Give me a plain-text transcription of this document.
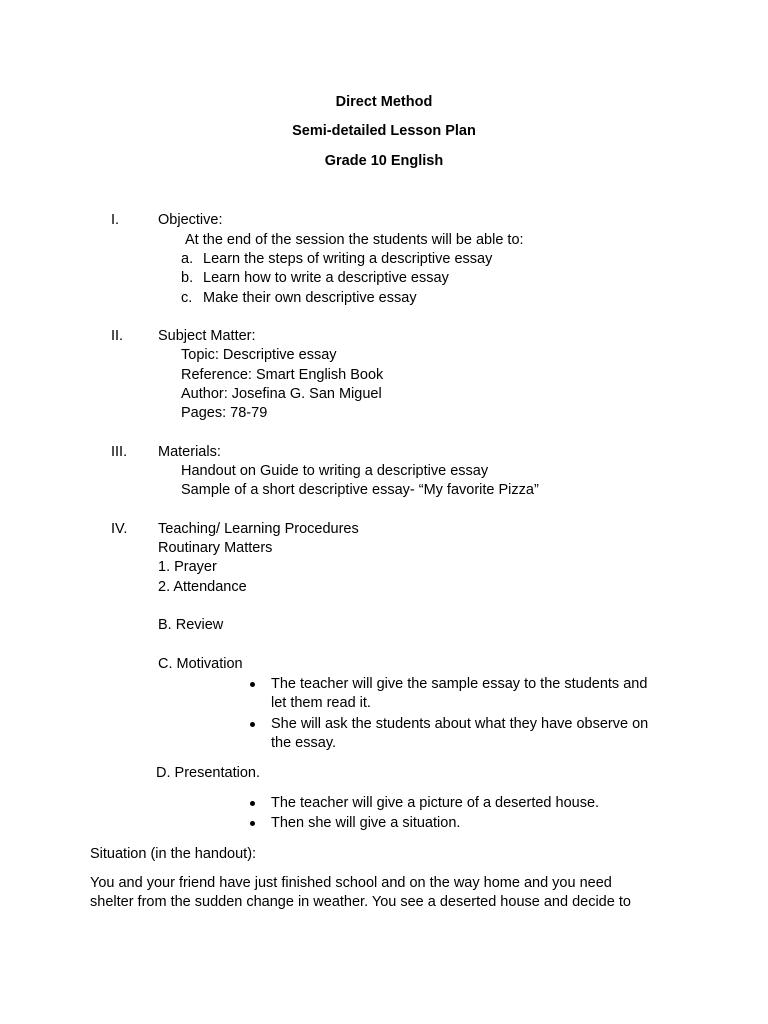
Direct Method
Semi-detailed Lesson Plan
Grade 10 English
I.	Objective:
At the end of the session the students will be able to:
a. Learn the steps of writing a descriptive essay
b. Learn how to write a descriptive essay
c. Make their own descriptive essay
II. Subject Matter:
Topic: Descriptive essay
Reference: Smart English Book
Author: Josefina G. San Miguel
Pages: 78-79
III. Materials:
Handout on Guide to writing a descriptive essay
Sample of a short descriptive essay- “My favorite Pizza”
IV. Teaching/ Learning Procedures
Routinary Matters
1. Prayer
2. Attendance
B. Review
C. Motivation
The teacher will give the sample essay to the students and
let them read it.
She will ask the students about what they have observe on
the essay.
D. Presentation.
The teacher will give a picture of a deserted house.
Then she will give a situation.
Situation (in the handout):
You and your friend have just finished school and on the way home and you need
shelter from the sudden change in weather. You see a deserted house and decide to
